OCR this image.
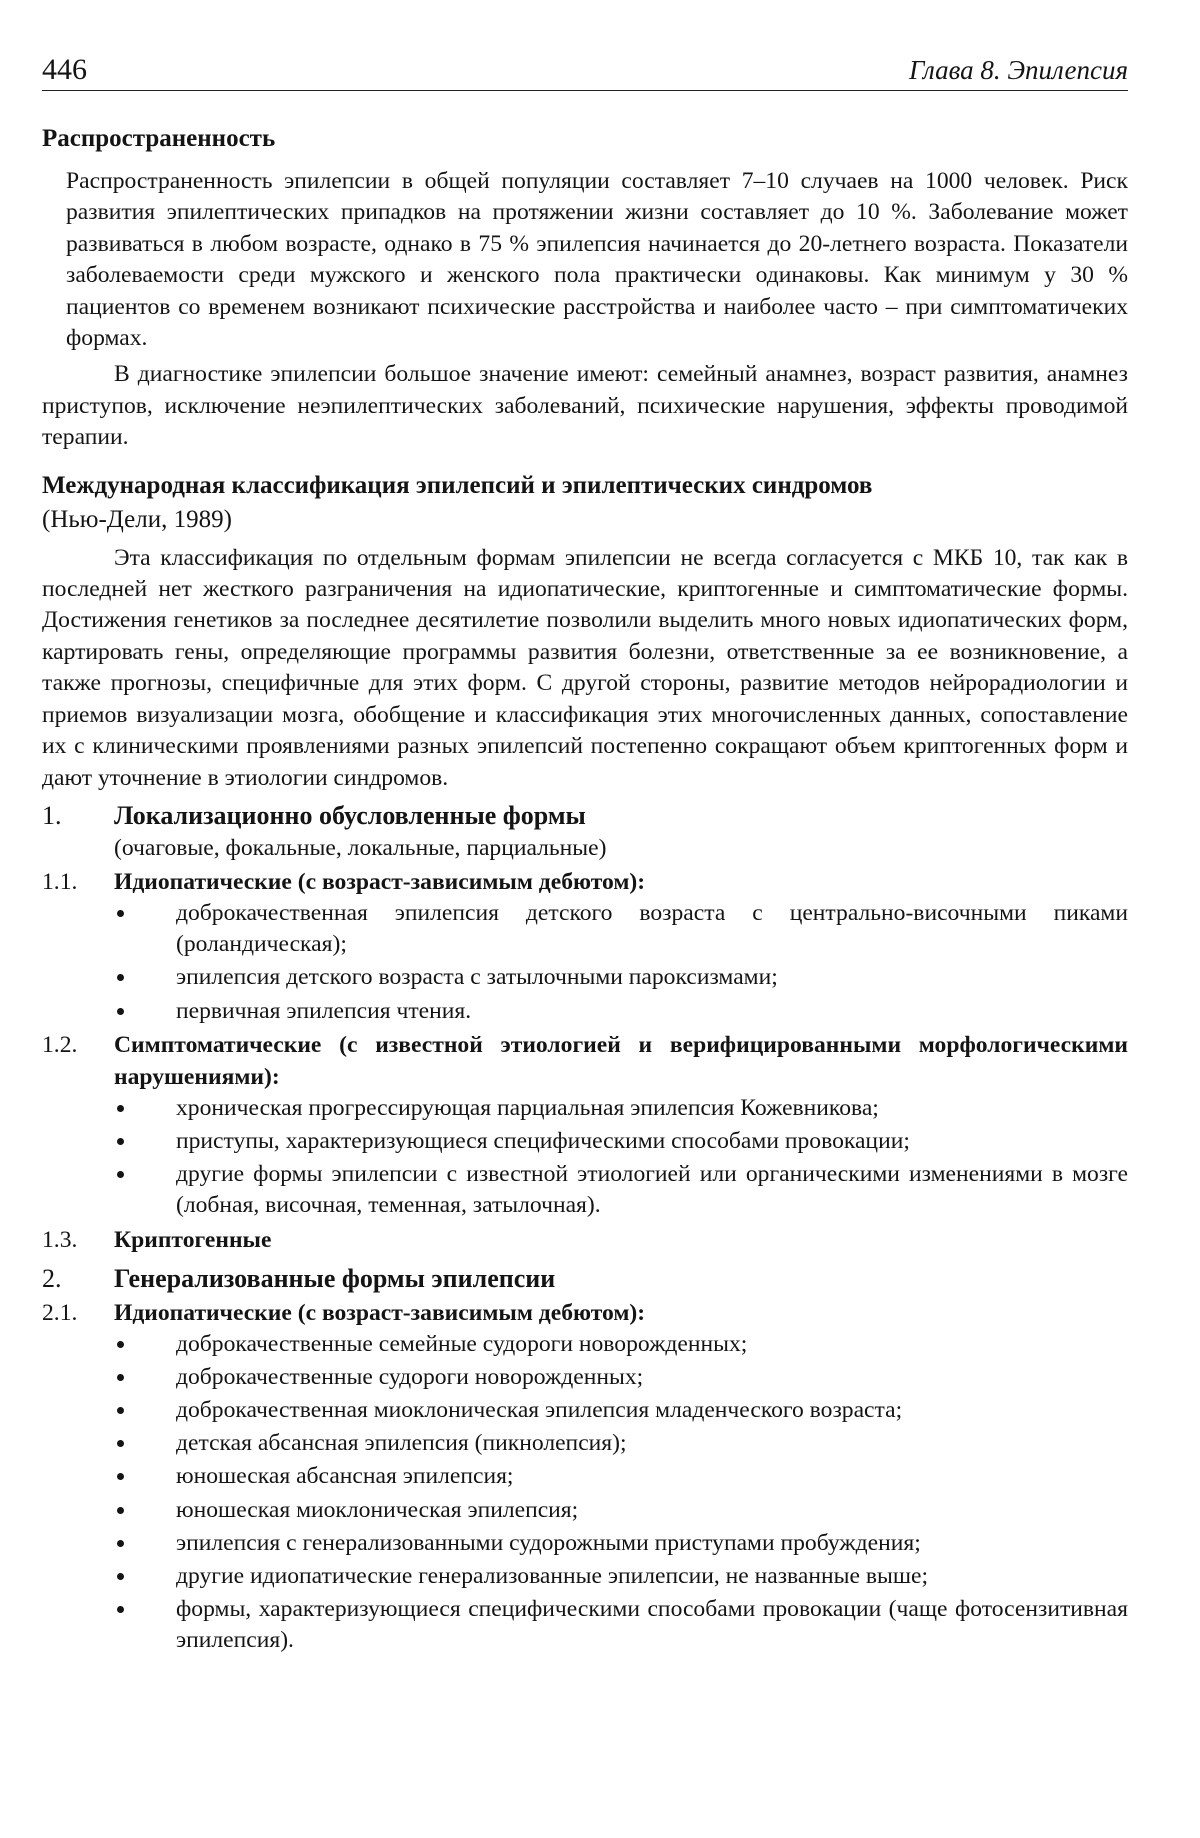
446	Глава 8. Эпилепсия
Распространенность

Распространенность эпилепсии в общей популяции составляет 7–10 случаев на 1000 человек. Риск развития эпилептических припадков на протяжении жизни составляет до 10 %. Заболевание может развиваться в любом возрасте, однако в 75 % эпилепсия начинается до 20-летнего возраста. Показатели заболеваемости среди мужского и женского пола практически одинаковы. Как минимум у 30 % пациентов со временем возникают психические расстройства и наиболее часто – при симптоматичеких формах.

В диагностике эпилепсии большое значение имеют: семейный анамнез, возраст развития, анамнез приступов, исключение неэпилептических заболеваний, психические нарушения, эффекты проводимой терапии.

Международная классификация эпилепсий и эпилептических синдромов
(Нью-Дели, 1989)

Эта классификация по отдельным формам эпилепсии не всегда согласуется с МКБ 10, так как в последней нет жесткого разграничения на идиопатические, криптогенные и симптоматические формы. Достижения генетиков за последнее десятилетие позволили выделить много новых идиопатических форм, картировать гены, определяющие программы развития болезни, ответственные за ее возникновение, а также прогнозы, специфичные для этих форм. С другой стороны, развитие методов нейрорадиологии и приемов визуализации мозга, обобщение и классификация этих многочисленных данных, сопоставление их с клиническими проявлениями разных эпилепсий постепенно сокращают объем криптогенных форм и дают уточнение в этиологии синдромов.

1. Локализационно обусловленные формы
(очаговые, фокальные, локальные, парциальные)
1.1. Идиопатические (с возраст-зависимым дебютом):
доброкачественная эпилепсия детского возраста с центрально-височными пиками (роландическая);
эпилепсия детского возраста с затылочными пароксизмами;
первичная эпилепсия чтения.
1.2. Симптоматические (с известной этиологией и верифицированными морфологическими нарушениями):
хроническая прогрессирующая парциальная эпилепсия Кожевникова;
приступы, характеризующиеся специфическими способами провокации;
другие формы эпилепсии с известной этиологией или органическими изменениями в мозге (лобная, височная, теменная, затылочная).
1.3. Криптогенные
2. Генерализованные формы эпилепсии
2.1. Идиопатические (с возраст-зависимым дебютом):
доброкачественные семейные судороги новорожденных;
доброкачественные судороги новорожденных;
доброкачественная миоклоническая эпилепсия младенческого возраста;
детская абсансная эпилепсия (пикнолепсия);
юношеская абсансная эпилепсия;
юношеская миоклоническая эпилепсия;
эпилепсия с генерализованными судорожными приступами пробуждения;
другие идиопатические генерализованные эпилепсии, не названные выше;
формы, характеризующиеся специфическими способами провокации (чаще фотосензитивная эпилепсия).
